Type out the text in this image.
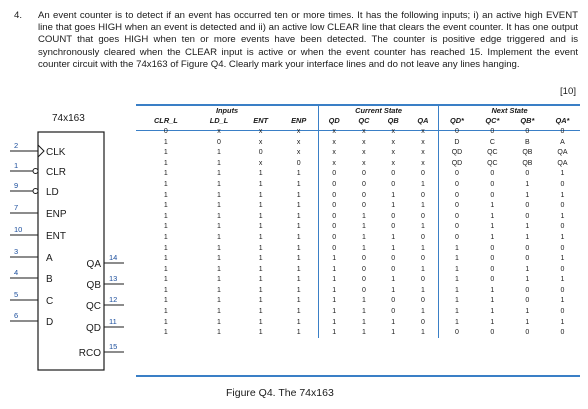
4. An event counter is to detect if an event has occurred ten or more times. It has the following inputs; i) an active high EVENT line that goes HIGH when an event is detected and ii) an active low CLEAR line that clears the event counter. It has one output COUNT that goes HIGH when ten or more events have been detected. The counter is positive edge triggered and is synchronously cleared when the CLEAR input is active or when the event counter has reached 15. Implement the event counter circuit with the 74x163 of Figure Q4. Clearly mark your interface lines and do not leave any lines hanging.
[10]
74x163
2
CLK
1
CLR
9
LD
7
ENP
10
ENT
3
A
4
B
5
C
6
D
14
QA
13
QB
12
QC
11
QD
15
RCO
Inputs				Current State				Next State			
CLR_L	LD_L	ENT	ENP	QD	QC	QB	QA	QD*	QC*	QB*	QA*
0	x	x	x	x	x	x	x	0	0	0	0
1	0	x	x	x	x	x	x	D	C	B	A
1	1	0	x	x	x	x	x	QD	QC	QB	QA
1	1	x	0	x	x	x	x	QD	QC	QB	QA
1	1	1	1	0	0	0	0	0	0	0	1
1	1	1	1	0	0	0	1	0	0	1	0
1	1	1	1	0	0	1	0	0	0	1	1
1	1	1	1	0	0	1	1	0	1	0	0
1	1	1	1	0	1	0	0	0	1	0	1
1	1	1	1	0	1	0	1	0	1	1	0
1	1	1	1	0	1	1	0	0	1	1	1
1	1	1	1	0	1	1	1	1	0	0	0
1	1	1	1	1	0	0	0	1	0	0	1
1	1	1	1	1	0	0	1	1	0	1	0
1	1	1	1	1	0	1	0	1	0	1	1
1	1	1	1	1	0	1	1	1	1	0	0
1	1	1	1	1	1	0	0	1	1	0	1
1	1	1	1	1	1	0	1	1	1	1	0
1	1	1	1	1	1	1	0	1	1	1	1
1	1	1	1	1	1	1	1	0	0	0	0
Figure Q4. The 74x163
